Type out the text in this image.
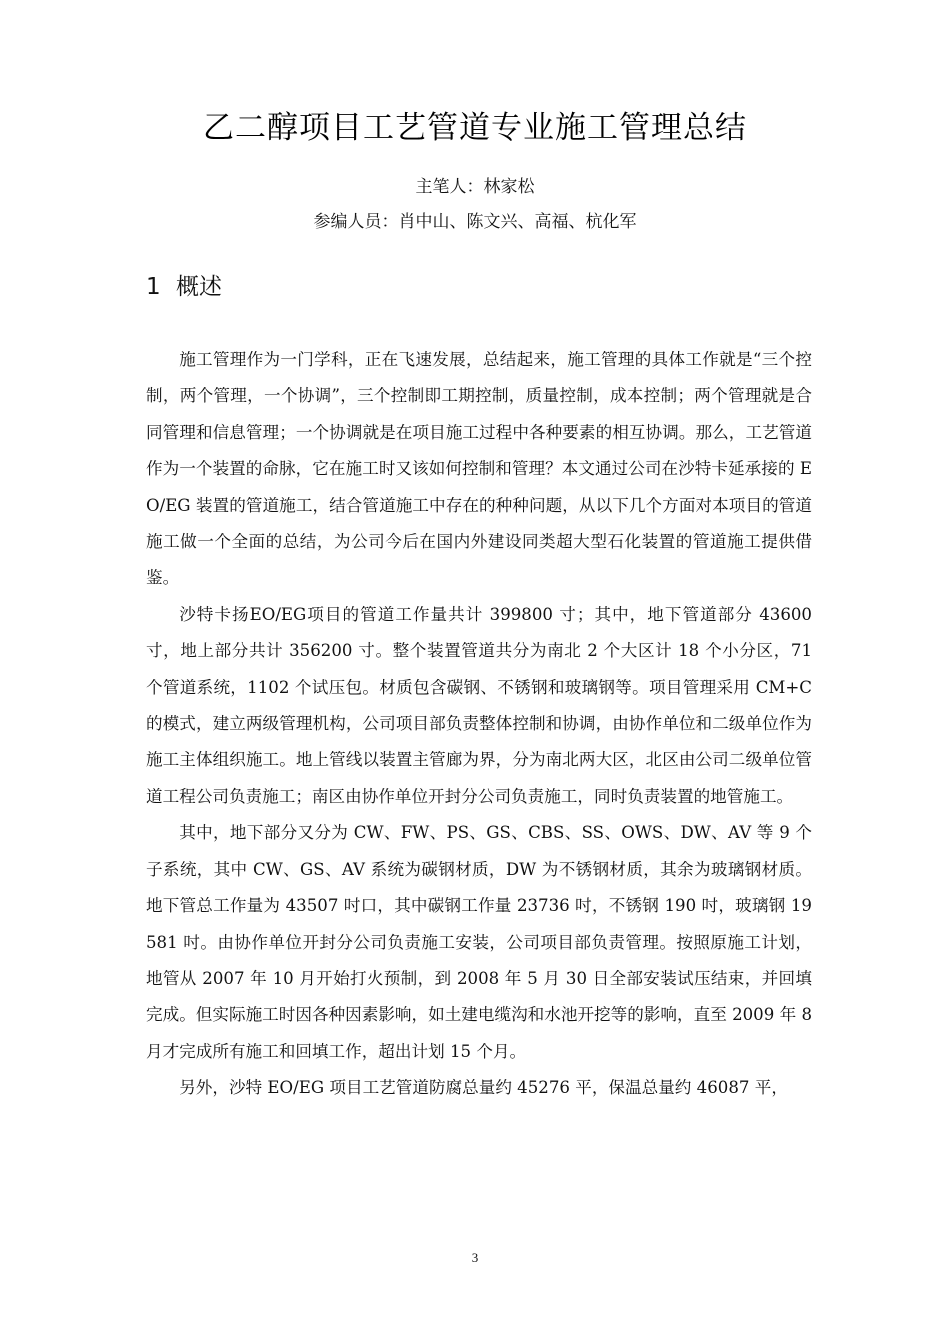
乙二醇项目工艺管道专业施工管理总结
主笔人：林家松
参编人员：肖中山、陈文兴、高福、杭化军
1 概述

施工管理作为一门学科，正在飞速发展，总结起来，施工管理的具体工作就是“三个控制，两个管理，一个协调”，三个控制即工期控制，质量控制，成本控制；两个管理就是合同管理和信息管理；一个协调就是在项目施工过程中各种要素的相互协调。那么，工艺管道作为一个装置的命脉，它在施工时又该如何控制和管理？本文通过公司在沙特卡延承接的 EO/EG 装置的管道施工，结合管道施工中存在的种种问题，从以下几个方面对本项目的管道施工做一个全面的总结，为公司今后在国内外建设同类超大型石化装置的管道施工提供借鉴。

沙特卡扬EO/EG项目的管道工作量共计 399800 寸；其中，地下管道部分 43600 寸，地上部分共计 356200 寸。整个装置管道共分为南北 2 个大区计 18 个小分区，71 个管道系统，1102 个试压包。材质包含碳钢、不锈钢和玻璃钢等。项目管理采用 CM+C 的模式，建立两级管理机构，公司项目部负责整体控制和协调，由协作单位和二级单位作为施工主体组织施工。地上管线以装置主管廊为界，分为南北两大区，北区由公司二级单位管道工程公司负责施工；南区由协作单位开封分公司负责施工，同时负责装置的地管施工。

其中，地下部分又分为 CW、FW、PS、GS、CBS、SS、OWS、DW、AV 等 9 个子系统，其中 CW、GS、AV 系统为碳钢材质，DW 为不锈钢材质，其余为玻璃钢材质。地下管总工作量为 43507 吋口，其中碳钢工作量 23736 吋，不锈钢 190 吋，玻璃钢 19581 吋。由协作单位开封分公司负责施工安装，公司项目部负责管理。按照原施工计划，地管从 2007 年 10 月开始打火预制，到 2008 年 5 月 30 日全部安装试压结束，并回填完成。但实际施工时因各种因素影响，如土建电缆沟和水池开挖等的影响，直至 2009 年 8 月才完成所有施工和回填工作，超出计划 15 个月。

另外，沙特 EO/EG 项目工艺管道防腐总量约 45276 平，保温总量约 46087 平，

3
